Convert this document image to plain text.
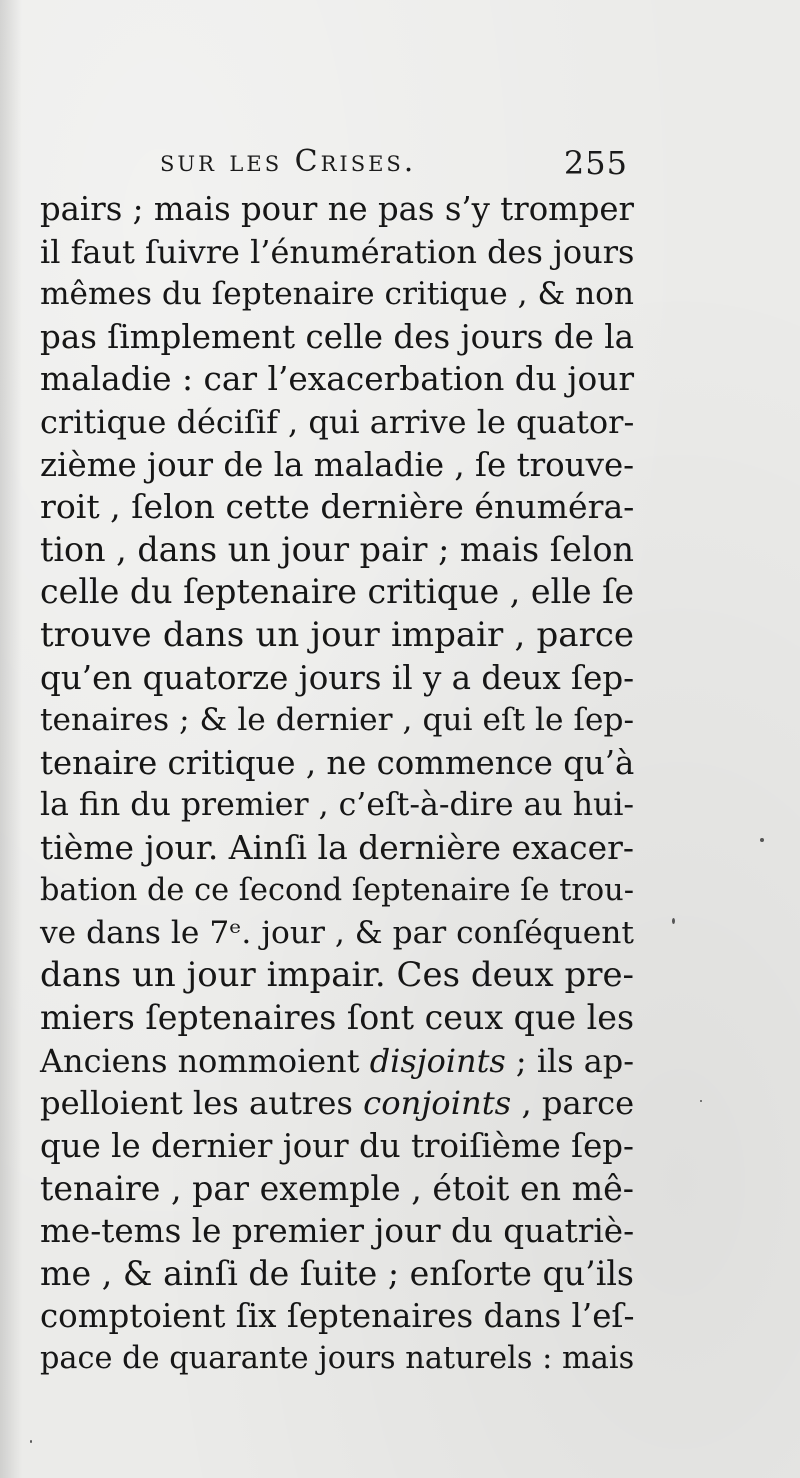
sur les Crises.	255
pairs ; mais pour ne pas s’y tromper
il faut ſuivre l’énumération des jours
mêmes du ſeptenaire critique , & non
pas ſimplement celle des jours de la
maladie : car l’exacerbation du jour
critique déciſif , qui arrive le quator-
zième jour de la maladie , ſe trouve-
roit , ſelon cette dernière énuméra-
tion , dans un jour pair ; mais ſelon
celle du ſeptenaire critique , elle ſe
trouve dans un jour impair , parce
qu’en quatorze jours il y a deux ſep-
tenaires ; & le dernier , qui eſt le ſep-
tenaire critique , ne commence qu’à
la fin du premier , c’eſt-à-dire au hui-
tième jour. Ainſi la dernière exacer-
bation de ce ſecond ſeptenaire ſe trou-
ve dans le 7ᵉ. jour , & par conſéquent
dans un jour impair. Ces deux pre-
miers ſeptenaires ſont ceux que les
Anciens nommoient disjoints ; ils ap-
pelloient les autres conjoints , parce
que le dernier jour du troiſième ſep-
tenaire , par exemple , étoit en mê-
me-tems le premier jour du quatriè-
me , & ainſi de ſuite ; enſorte qu’ils
comptoient ſix ſeptenaires dans l’eſ-
pace de quarante jours naturels : mais
